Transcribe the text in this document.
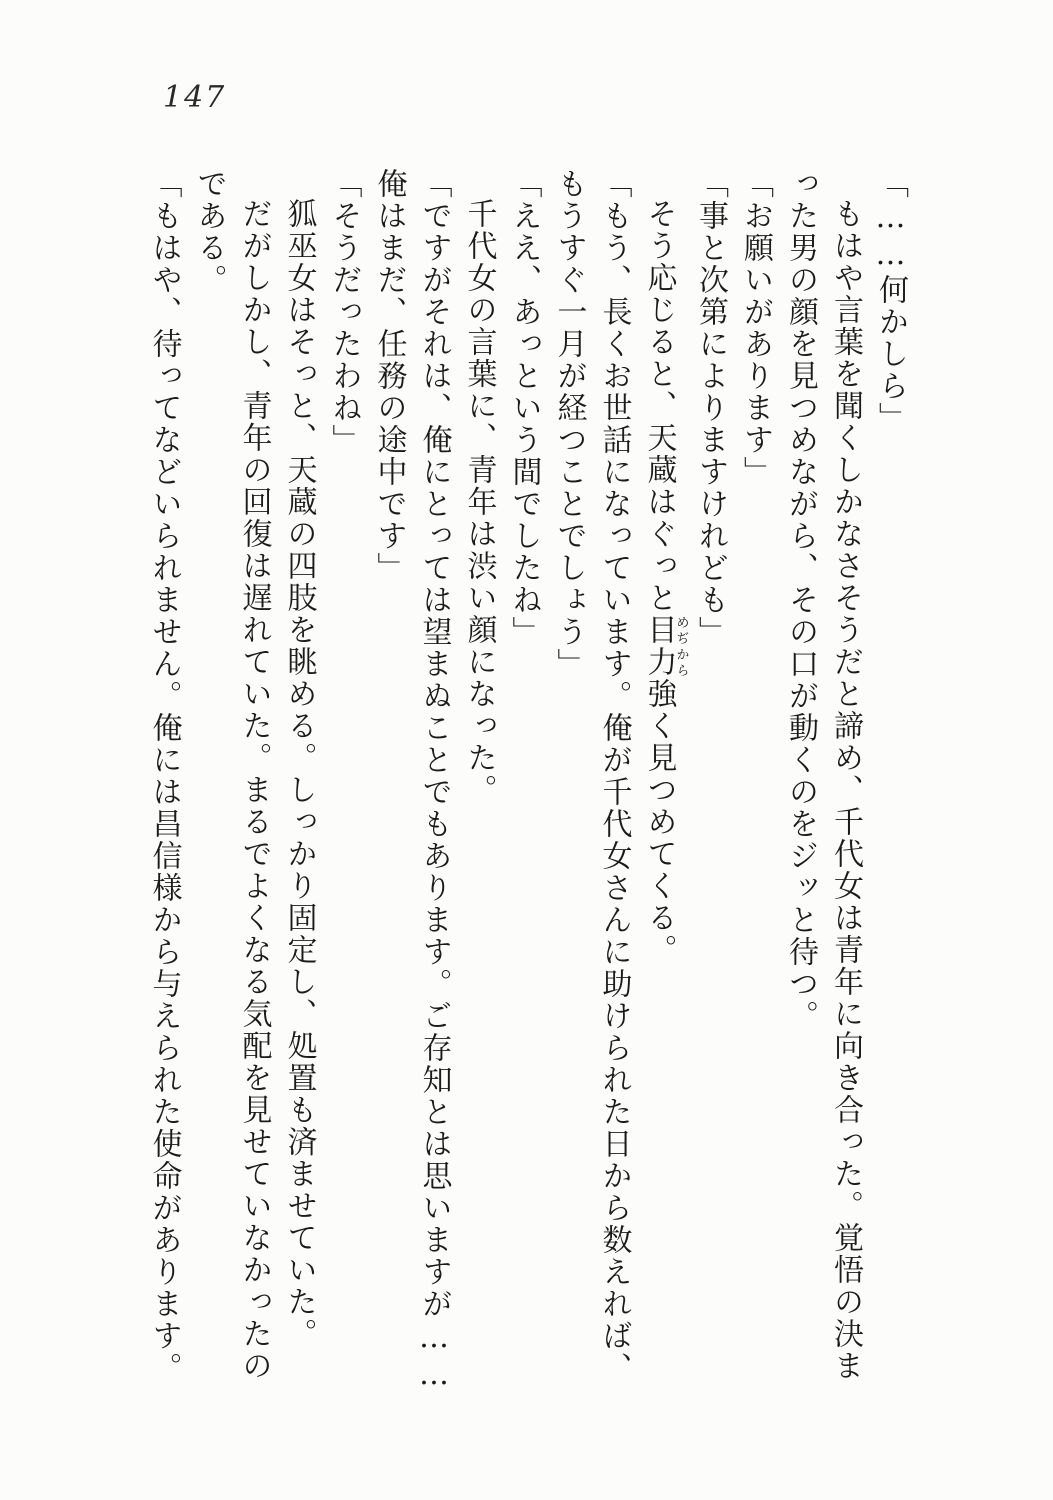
147
「……何かしら」
もはや言葉を聞くしかなさそうだと諦め、千代女は青年に向き合った。覚悟の決ま
った男の顔を見つめながら、その口が動くのをジッと待つ。
「お願いがあります」
「事と次第によりますけれども」
そう応じると、天蔵はぐっと目力めぢから強く見つめてくる。
「もう、長くお世話になっています。俺が千代女さんに助けられた日から数えれば、
もうすぐ一月が経つことでしょう」
「ええ、あっという間でしたね」
千代女の言葉に、青年は渋い顔になった。
「ですがそれは、俺にとっては望まぬことでもあります。ご存知とは思いますが……
俺はまだ、任務の途中です」
「そうだったわね」
狐巫女はそっと、天蔵の四肢を眺める。しっかり固定し、処置も済ませていた。
だがしかし、青年の回復は遅れていた。まるでよくなる気配を見せていなかったの
である。
「もはや、待ってなどいられません。俺には昌信様から与えられた使命があります。
